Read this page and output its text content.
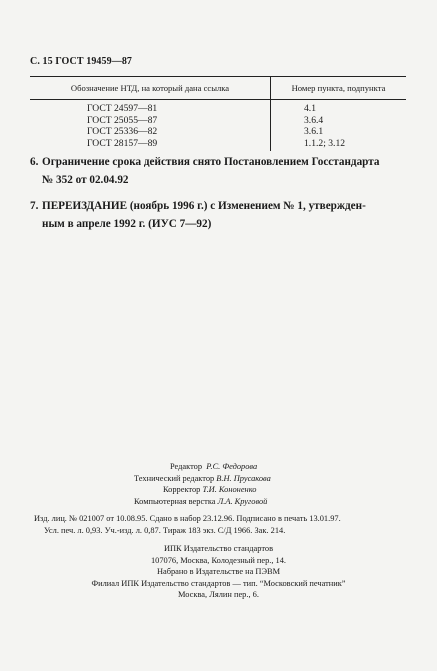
С. 15 ГОСТ 19459—87
Обозначение НТД, на который дана ссылка	Номер пункта, подпункта
ГОСТ 24597—81	4.1
ГОСТ 25055—87	3.6.4
ГОСТ 25336—82	3.6.1
ГОСТ 28157—89	1.1.2; 3.12
6. Ограничение срока действия снято Постановлением Госстандарта
№ 352 от 02.04.92
7. ПЕРЕИЗДАНИЕ (ноябрь 1996 г.) с Изменением № 1, утвержден-
ным в апреле 1992 г. (ИУС 7—92)
Редактор Р.С. Федорова
Технический редактор В.Н. Прусакова
Корректор Т.И. Кононенко
Компьютерная верстка Л.А. Круговой
Изд. лиц. № 021007 от 10.08.95. Сдано в набор 23.12.96. Подписано в печать 13.01.97.
Усл. печ. л. 0,93. Уч.-изд. л. 0,87. Тираж 183 экз. С/Д 1966. Зак. 214.
ИПК Издательство стандартов
107076, Москва, Колодезный пер., 14.
Набрано в Издательстве на ПЭВМ
Филиал ИПК Издательство стандартов — тип. “Московский печатник”
Москва, Лялин пер., 6.
